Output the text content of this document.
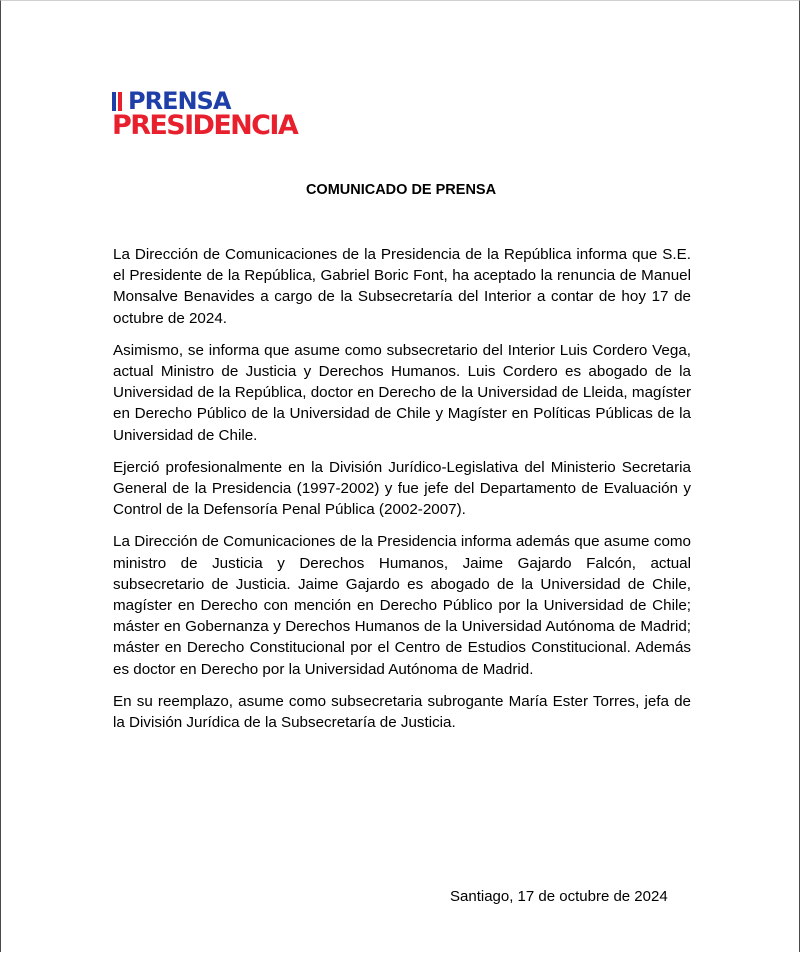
PRENSA
PRESIDENCIA
COMUNICADO DE PRENSA

La Dirección de Comunicaciones de la Presidencia de la República informa que S.E. el Presidente de la República, Gabriel Boric Font, ha aceptado la renuncia de Manuel Monsalve Benavides a cargo de la Subsecretaría del Interior a contar de hoy 17 de octubre de 2024.

Asimismo, se informa que asume como subsecretario del Interior Luis Cordero Vega, actual Ministro de Justicia y Derechos Humanos. Luis Cordero es abogado de la Universidad de la República, doctor en Derecho de la Universidad de Lleida, magíster en Derecho Público de la Universidad de Chile y Magíster en Políticas Públicas de la Universidad de Chile.

Ejerció profesionalmente en la División Jurídico-Legislativa del Ministerio Secretaria General de la Presidencia (1997-2002) y fue jefe del Departamento de Evaluación y Control de la Defensoría Penal Pública (2002-2007).

La Dirección de Comunicaciones de la Presidencia informa además que asume como ministro de Justicia y Derechos Humanos, Jaime Gajardo Falcón, actual subsecretario de Justicia. Jaime Gajardo es abogado de la Universidad de Chile, magíster en Derecho con mención en Derecho Público por la Universidad de Chile; máster en Gobernanza y Derechos Humanos de la Universidad Autónoma de Madrid; máster en Derecho Constitucional por el Centro de Estudios Constitucional. Además es doctor en Derecho por la Universidad Autónoma de Madrid.

En su reemplazo, asume como subsecretaria subrogante María Ester Torres, jefa de la División Jurídica de la Subsecretaría de Justicia.

Santiago, 17 de octubre de 2024
